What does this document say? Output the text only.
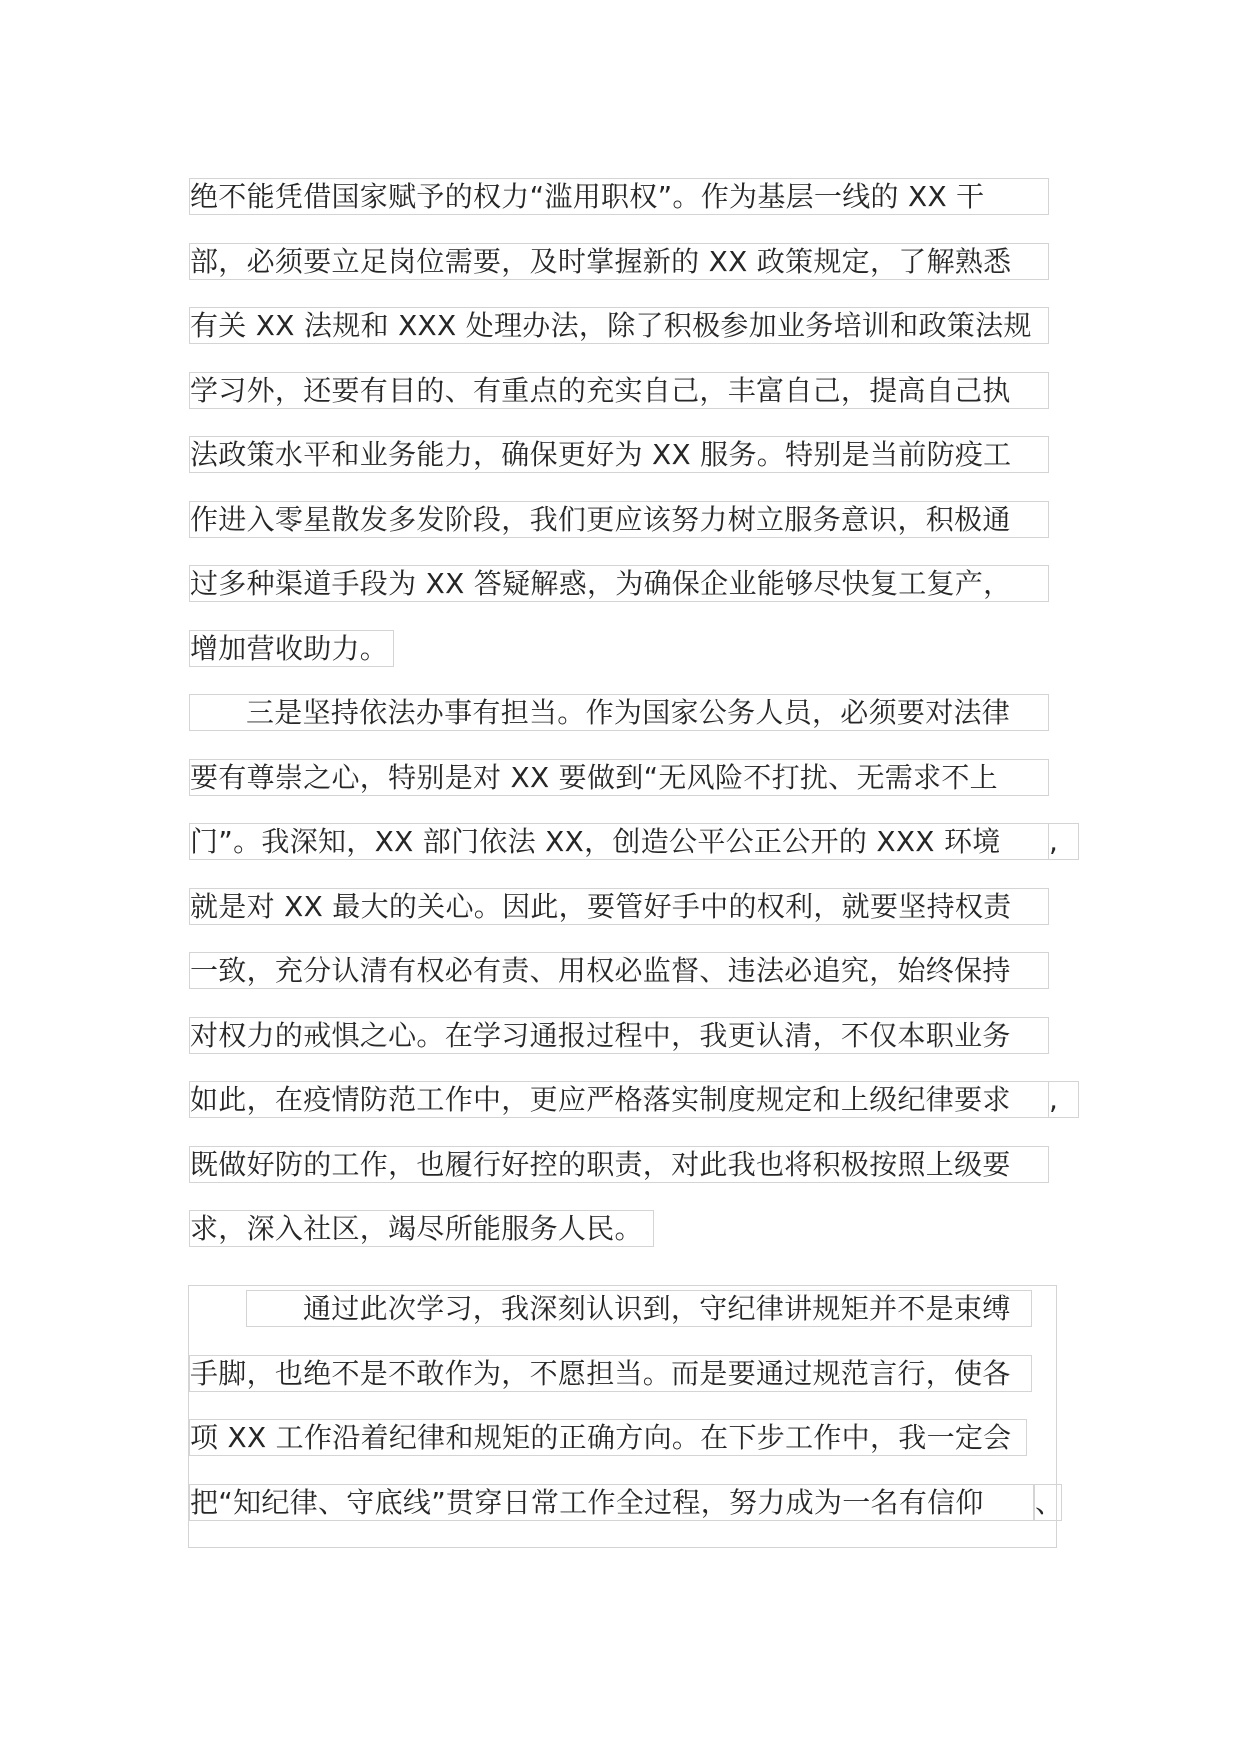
绝不能凭借国家赋予的权力“滥用职权”。作为基层一线的 XX 干
部，必须要立足岗位需要，及时掌握新的 XX 政策规定，了解熟悉
有关 XX 法规和 XXX 处理办法，除了积极参加业务培训和政策法规
学习外，还要有目的、有重点的充实自己，丰富自己，提高自己执
法政策水平和业务能力，确保更好为 XX 服务。特别是当前防疫工
作进入零星散发多发阶段，我们更应该努力树立服务意识，积极通
过多种渠道手段为 XX 答疑解惑，为确保企业能够尽快复工复产，
增加营收助力。
三是坚持依法办事有担当。作为国家公务人员，必须要对法律
要有尊崇之心，特别是对 XX 要做到“无风险不打扰、无需求不上
门”。我深知，XX 部门依法 XX，创造公平公正公开的 XXX 环境	,
就是对 XX 最大的关心。因此，要管好手中的权利，就要坚持权责
一致，充分认清有权必有责、用权必监督、违法必追究，始终保持
对权力的戒惧之心。在学习通报过程中，我更认清，不仅本职业务
如此，在疫情防范工作中，更应严格落实制度规定和上级纪律要求	,
既做好防的工作，也履行好控的职责，对此我也将积极按照上级要
求，深入社区，竭尽所能服务人民。
通过此次学习，我深刻认识到，守纪律讲规矩并不是束缚
手脚，也绝不是不敢作为，不愿担当。而是要通过规范言行，使各
项 XX 工作沿着纪律和规矩的正确方向。在下步工作中，我一定会
把“知纪律、守底线”贯穿日常工作全过程，努力成为一名有信仰	、
